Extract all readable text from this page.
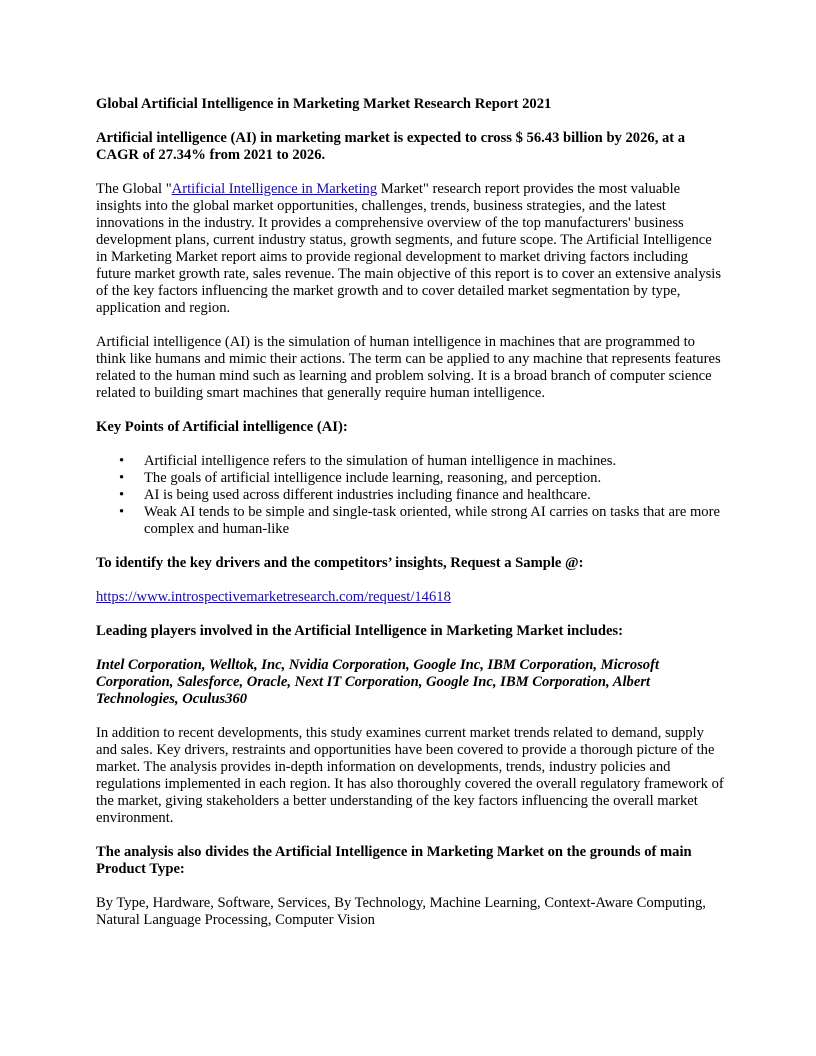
Global Artificial Intelligence in Marketing Market Research Report 2021

Artificial intelligence (AI) in marketing market is expected to cross $ 56.43 billion by 2026, at a CAGR of 27.34% from 2021 to 2026.

The Global "Artificial Intelligence in Marketing Market" research report provides the most valuable insights into the global market opportunities, challenges, trends, business strategies, and the latest innovations in the industry. It provides a comprehensive overview of the top manufacturers' business development plans, current industry status, growth segments, and future scope. The Artificial Intelligence in Marketing Market report aims to provide regional development to market driving factors including future market growth rate, sales revenue. The main objective of this report is to cover an extensive analysis of the key factors influencing the market growth and to cover detailed market segmentation by type, application and region.

Artificial intelligence (AI) is the simulation of human intelligence in machines that are programmed to think like humans and mimic their actions. The term can be applied to any machine that represents features related to the human mind such as learning and problem solving. It is a broad branch of computer science related to building smart machines that generally require human intelligence.

Key Points of Artificial intelligence (AI):

• Artificial intelligence refers to the simulation of human intelligence in machines.
• The goals of artificial intelligence include learning, reasoning, and perception.
• AI is being used across different industries including finance and healthcare.
• Weak AI tends to be simple and single-task oriented, while strong AI carries on tasks that are more complex and human-like

To identify the key drivers and the competitors’ insights, Request a Sample @:

https://www.introspectivemarketresearch.com/request/14618

Leading players involved in the Artificial Intelligence in Marketing Market includes:

Intel Corporation, Welltok, Inc, Nvidia Corporation, Google Inc, IBM Corporation, Microsoft Corporation, Salesforce, Oracle, Next IT Corporation, Google Inc, IBM Corporation, Albert Technologies, Oculus360

In addition to recent developments, this study examines current market trends related to demand, supply and sales. Key drivers, restraints and opportunities have been covered to provide a thorough picture of the market. The analysis provides in-depth information on developments, trends, industry policies and regulations implemented in each region. It has also thoroughly covered the overall regulatory framework of the market, giving stakeholders a better understanding of the key factors influencing the overall market environment.

The analysis also divides the Artificial Intelligence in Marketing Market on the grounds of main Product Type:

By Type, Hardware, Software, Services, By Technology, Machine Learning, Context-Aware Computing, Natural Language Processing, Computer Vision
